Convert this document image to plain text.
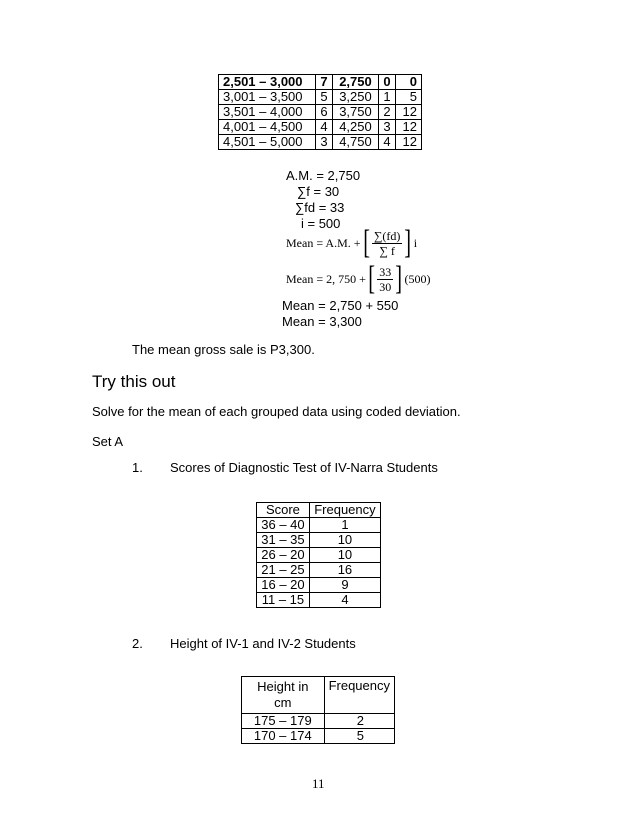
2,501 – 3,000	7	2,750	0	0
3,001 – 3,500	5	3,250	1	5
3,501 – 4,000	6	3,750	2	12
4,001 – 4,500	4	4,250	3	12
4,501 – 5,000	3	4,750	4	12
A.M. = 2,750
∑f = 30
∑fd = 33
i = 500
Mean = A.M. + [ $\frac{\sum(fd)}{\sum f}$ ] i
Mean = 2, 750 + [ $\frac{33}{30}$ ] (500)
Mean = 2,750 + 550
Mean = 3,300
The mean gross sale is P3,300.
Try this out
Solve for the mean of each grouped data using coded deviation.
Set A
1. Scores of Diagnostic Test of IV-Narra Students
Score	Frequency
36 – 40	1
31 – 35	10
26 – 20	10
21 – 25	16
16 – 20	9
11 – 15	4
2. Height of IV-1 and IV-2 Students
Height in cm	Frequency
175 – 179	2
170 – 174	5
11
